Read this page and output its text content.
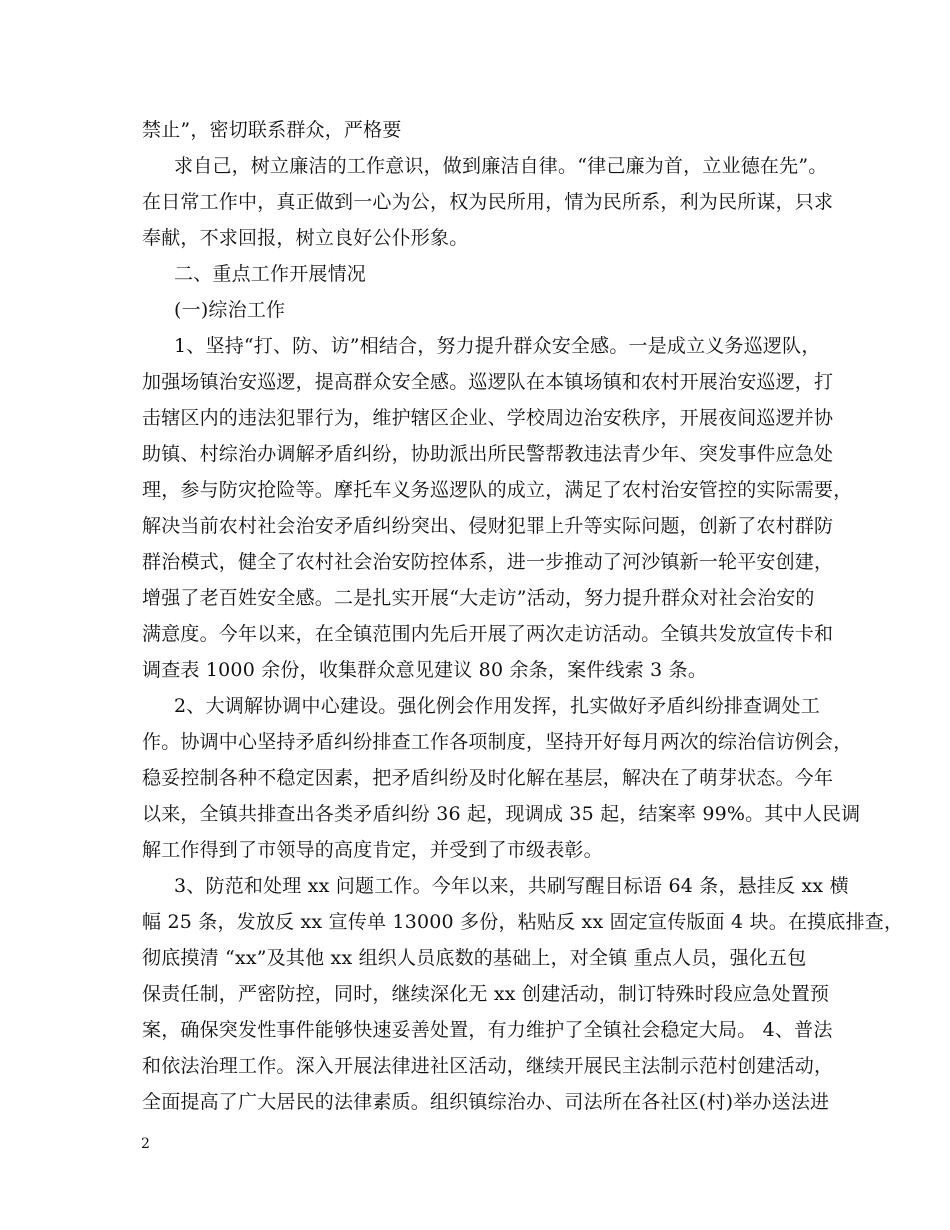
禁止”，密切联系群众，严格要
求自己，树立廉洁的工作意识，做到廉洁自律。“律己廉为首，立业德在先”。
在日常工作中，真正做到一心为公，权为民所用，情为民所系，利为民所谋，只求
奉献，不求回报，树立良好公仆形象。
二、重点工作开展情况
(一)综治工作
1、坚持“打、防、访”相结合，努力提升群众安全感。一是成立义务巡逻队，
加强场镇治安巡逻，提高群众安全感。巡逻队在本镇场镇和农村开展治安巡逻，打
击辖区内的违法犯罪行为，维护辖区企业、学校周边治安秩序，开展夜间巡逻并协
助镇、村综治办调解矛盾纠纷，协助派出所民警帮教违法青少年、突发事件应急处
理，参与防灾抢险等。摩托车义务巡逻队的成立，满足了农村治安管控的实际需要，
解决当前农村社会治安矛盾纠纷突出、侵财犯罪上升等实际问题，创新了农村群防
群治模式，健全了农村社会治安防控体系，进一步推动了河沙镇新一轮平安创建，
增强了老百姓安全感。二是扎实开展“大走访”活动，努力提升群众对社会治安的
满意度。今年以来，在全镇范围内先后开展了两次走访活动。全镇共发放宣传卡和
调查表 1000 余份，收集群众意见建议 80 余条，案件线索 3 条。
2、大调解协调中心建设。强化例会作用发挥，扎实做好矛盾纠纷排查调处工
作。协调中心坚持矛盾纠纷排查工作各项制度，坚持开好每月两次的综治信访例会，
稳妥控制各种不稳定因素，把矛盾纠纷及时化解在基层，解决在了萌芽状态。今年
以来，全镇共排查出各类矛盾纠纷 36 起，现调成 35 起，结案率 99%。其中人民调
解工作得到了市领导的高度肯定，并受到了市级表彰。
3、防范和处理 xx 问题工作。今年以来，共刷写醒目标语 64 条，悬挂反 xx 横
幅 25 条，发放反 xx 宣传单 13000 多份，粘贴反 xx 固定宣传版面 4 块。在摸底排查，
彻底摸清 “xx”及其他 xx 组织人员底数的基础上，对全镇 重点人员，强化五包
保责任制，严密防控，同时，继续深化无 xx 创建活动，制订特殊时段应急处置预
案，确保突发性事件能够快速妥善处置，有力维护了全镇社会稳定大局。 4、普法
和依法治理工作。深入开展法律进社区活动，继续开展民主法制示范村创建活动，
全面提高了广大居民的法律素质。组织镇综治办、司法所在各社区(村)举办送法进
2
